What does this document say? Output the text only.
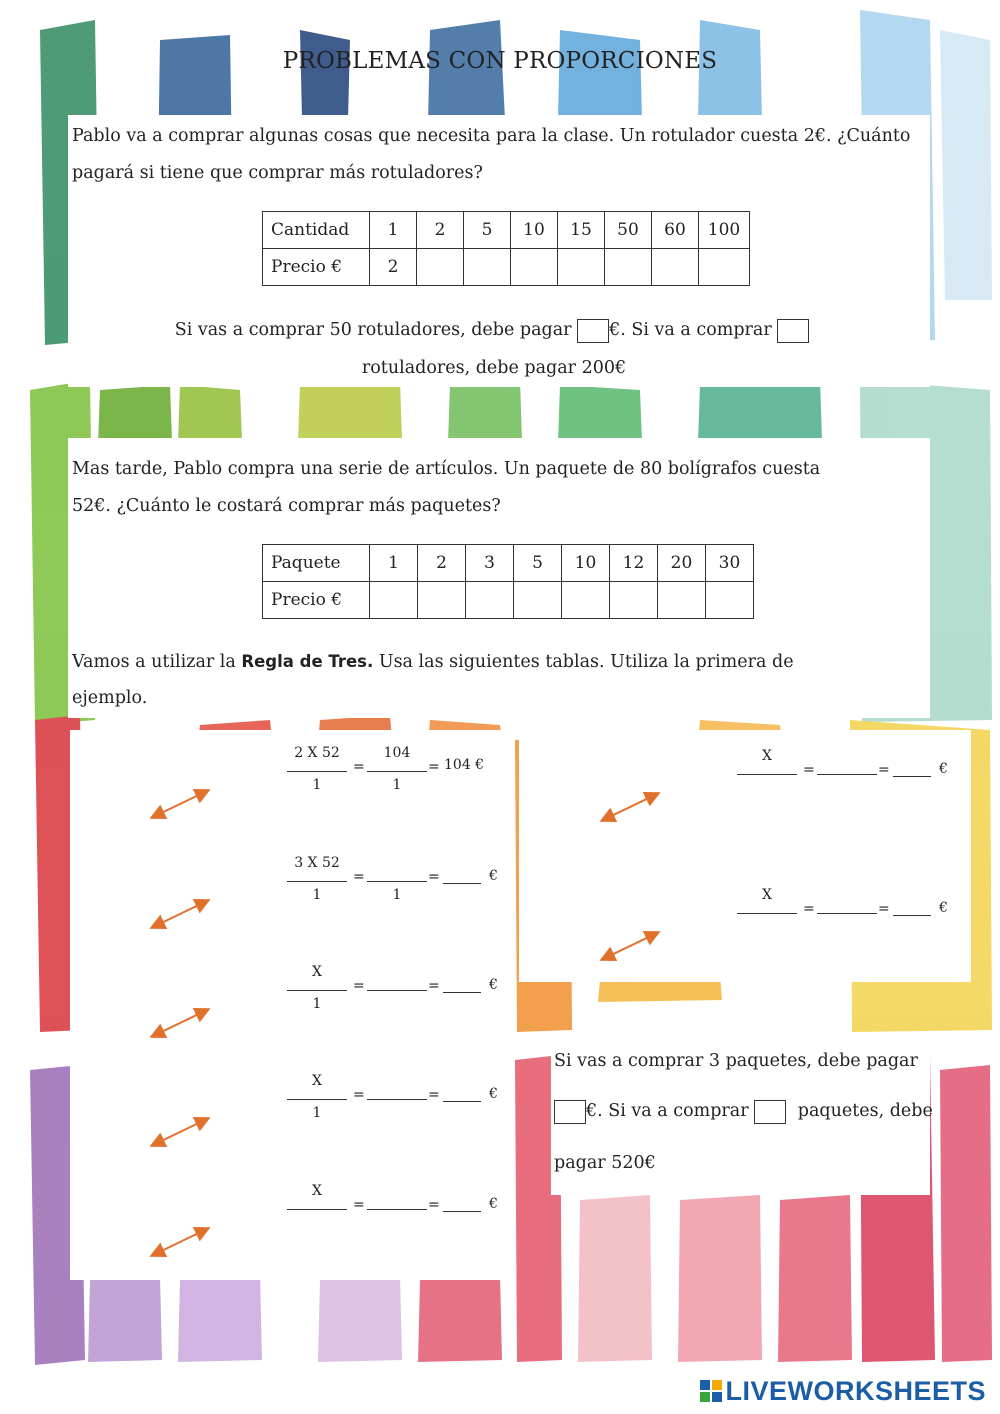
PROBLEMAS CON PROPORCIONES
Pablo va a comprar algunas cosas que necesita para la clase. Un rotulador cuesta 2€. ¿Cuánto
pagará si tiene que comprar más rotuladores?
Cantidad	1	2	5	10	15	50	60	100
Precio €	2							
Si vas a comprar 50 rotuladores, debe pagar €. Si va a comprar
rotuladores, debe pagar 200€
Mas tarde, Pablo compra una serie de artículos. Un paquete de 80 bolígrafos cuesta
52€. ¿Cuánto le costará comprar más paquetes?
Paquete	1	2	3	5	10	12	20	30
Precio €								
Vamos a utilizar la Regla de Tres. Usa las siguientes tablas. Utiliza la primera de
ejemplo.

2 X 52
1
=
104
1
= 104 €

3 X 52
1
=
1
=	€

X
1
=	=	€

X
1
=	=	€

X
=	=	€

X
=	=	€

X
=	=	€
Si vas a comprar 3 paquetes, debe pagar
€. Si va a comprar	paquetes, debe
pagar 520€
LIVEWORKSHEETS
